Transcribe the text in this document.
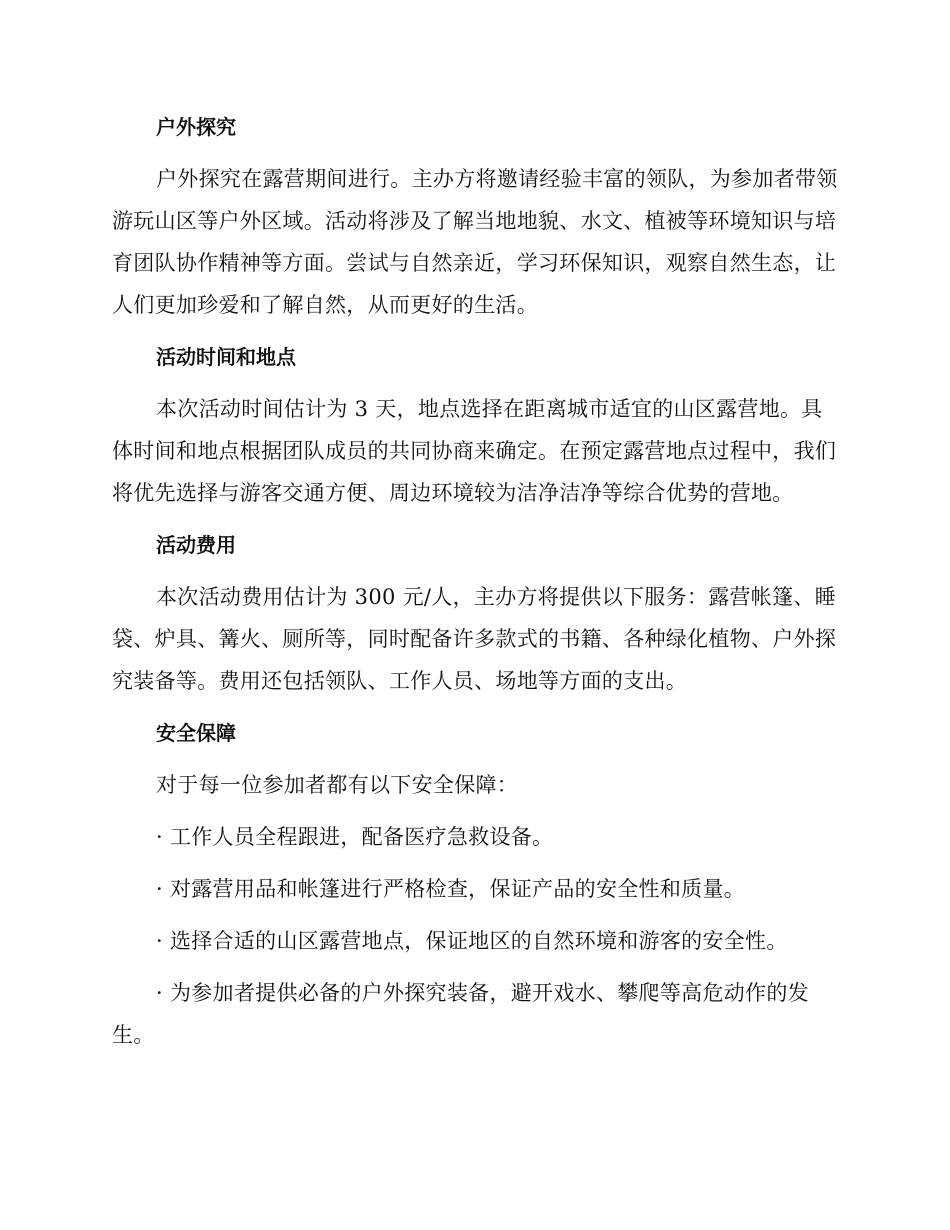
户外探究
户外探究在露营期间进行。主办方将邀请经验丰富的领队，为参加者带领游玩山区等户外区域。活动将涉及了解当地地貌、水文、植被等环境知识与培育团队协作精神等方面。尝试与自然亲近，学习环保知识，观察自然生态，让人们更加珍爱和了解自然，从而更好的生活。
活动时间和地点
本次活动时间估计为 3 天，地点选择在距离城市适宜的山区露营地。具体时间和地点根据团队成员的共同协商来确定。在预定露营地点过程中，我们将优先选择与游客交通方便、周边环境较为洁净洁净等综合优势的营地。
活动费用
本次活动费用估计为 300 元/人，主办方将提供以下服务：露营帐篷、睡袋、炉具、篝火、厕所等，同时配备许多款式的书籍、各种绿化植物、户外探究装备等。费用还包括领队、工作人员、场地等方面的支出。
安全保障
对于每一位参加者都有以下安全保障：
· 工作人员全程跟进，配备医疗急救设备。
· 对露营用品和帐篷进行严格检查，保证产品的安全性和质量。
· 选择合适的山区露营地点，保证地区的自然环境和游客的安全性。
· 为参加者提供必备的户外探究装备，避开戏水、攀爬等高危动作的发生。
